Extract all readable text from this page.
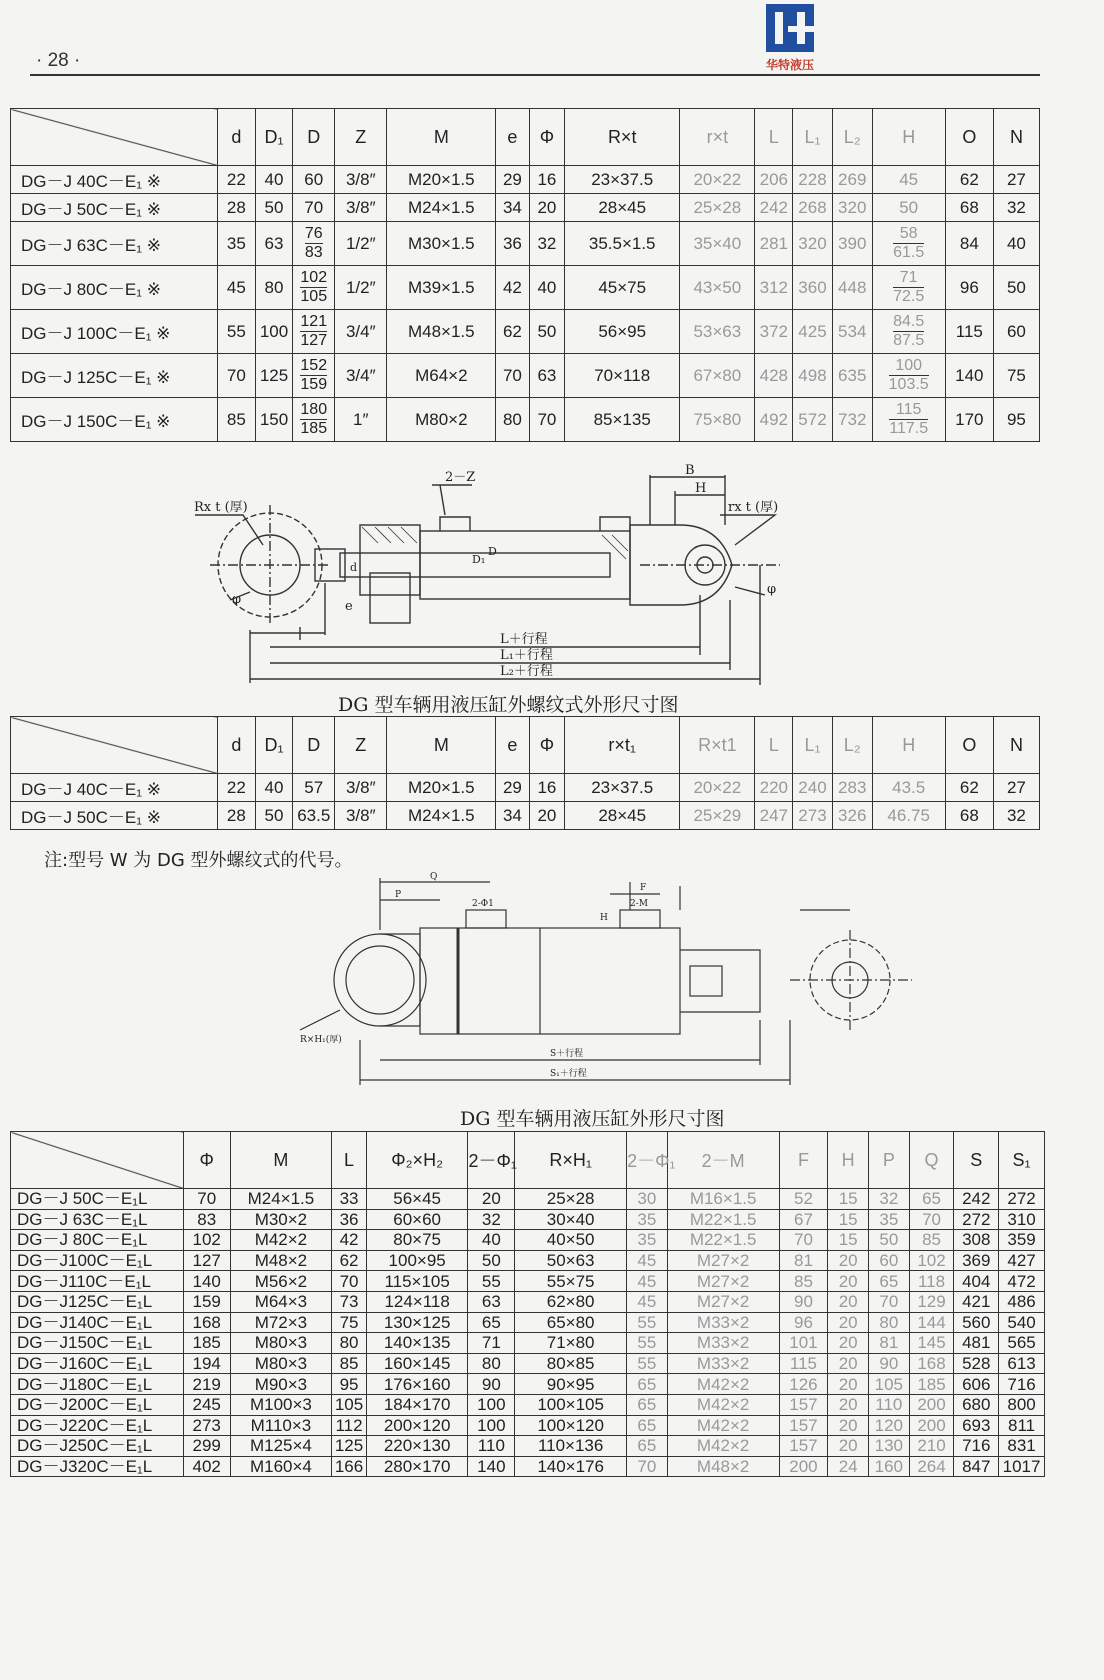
· 28 ·	华特液压
	d	D₁	D	Z	M	e	Φ	R×t	r×t	L	L₁	L₂	H	O	N
DG－J 40C－E₁ ※	22	40	60	3/8″	M20×1.5	29	16	23×37.5	20×22	206	228	269	45	62	27
DG－J 50C－E₁ ※	28	50	70	3/8″	M24×1.5	34	20	28×45	25×28	242	268	320	50	68	32
DG－J 63C－E₁ ※	35	63	$\frac{76}{83}$	1/2″	M30×1.5	36	32	35.5×1.5	35×40	281	320	390	$\frac{58}{61.5}$	84	40
DG－J 80C－E₁ ※	45	80	$\frac{102}{105}$	1/2″	M39×1.5	42	40	45×75	43×50	312	360	448	$\frac{71}{72.5}$	96	50
DG－J 100C－E₁ ※	55	100	$\frac{121}{127}$	3/4″	M48×1.5	62	50	56×95	53×63	372	425	534	$\frac{84.5}{87.5}$	115	60
DG－J 125C－E₁ ※	70	125	$\frac{152}{159}$	3/4″	M64×2	70	63	70×118	67×80	428	498	635	$\frac{100}{103.5}$	140	75
DG－J 150C－E₁ ※	85	150	$\frac{180}{185}$	1″	M80×2	80	70	85×135	75×80	492	572	732	$\frac{115}{117.5}$	170	95
2－Z	B
H
Rx t (厚)	rx t (厚)
φ
φ
e
L＋行程
L₁＋行程
L₂＋行程
D
D₁
d
DG 型车辆用液压缸外螺纹式外形尺寸图
	d	D₁	D	Z	M	e	Φ	r×t₁	R×t1	L	L₁	L₂	H	O	N
DG－J 40C－E₁ ※	22	40	57	3/8″	M20×1.5	29	16	23×37.5	20×22	220	240	283	43.5	62	27
DG－J 50C－E₁ ※	28	50	63.5	3/8″	M24×1.5	34	20	28×45	25×29	247	273	326	46.75	68	32
注:型号 W 为 DG 型外螺纹式的代号。
Q
P
2-Φ1	2-M
F
H
R×H₁(厚)
S＋行程
S₁＋行程
DG 型车辆用液压缸外形尺寸图
	Φ	M	L	Φ₂×H₂	2－Φ₁	R×H₁	2－Φ₁	2－M	F	H	P	Q	S	S₁
DG－J 50C－E₁L	70	M24×1.5	33	56×45	20	25×28	30	M16×1.5	52	15	32	65	242	272
DG－J 63C－E₁L	83	M30×2	36	60×60	32	30×40	35	M22×1.5	67	15	35	70	272	310
DG－J 80C－E₁L	102	M42×2	42	80×75	40	40×50	35	M22×1.5	70	15	50	85	308	359
DG－J100C－E₁L	127	M48×2	62	100×95	50	50×63	45	M27×2	81	20	60	102	369	427
DG－J110C－E₁L	140	M56×2	70	115×105	55	55×75	45	M27×2	85	20	65	118	404	472
DG－J125C－E₁L	159	M64×3	73	124×118	63	62×80	45	M27×2	90	20	70	129	421	486
DG－J140C－E₁L	168	M72×3	75	130×125	65	65×80	55	M33×2	96	20	80	144	560	540
DG－J150C－E₁L	185	M80×3	80	140×135	71	71×80	55	M33×2	101	20	81	145	481	565
DG－J160C－E₁L	194	M80×3	85	160×145	80	80×85	55	M33×2	115	20	90	168	528	613
DG－J180C－E₁L	219	M90×3	95	176×160	90	90×95	65	M42×2	126	20	105	185	606	716
DG－J200C－E₁L	245	M100×3	105	184×170	100	100×105	65	M42×2	157	20	110	200	680	800
DG－J220C－E₁L	273	M110×3	112	200×120	100	100×120	65	M42×2	157	20	120	200	693	811
DG－J250C－E₁L	299	M125×4	125	220×130	110	110×136	65	M42×2	157	20	130	210	716	831
DG－J320C－E₁L	402	M160×4	166	280×170	140	140×176	70	M48×2	200	24	160	264	847	1017
